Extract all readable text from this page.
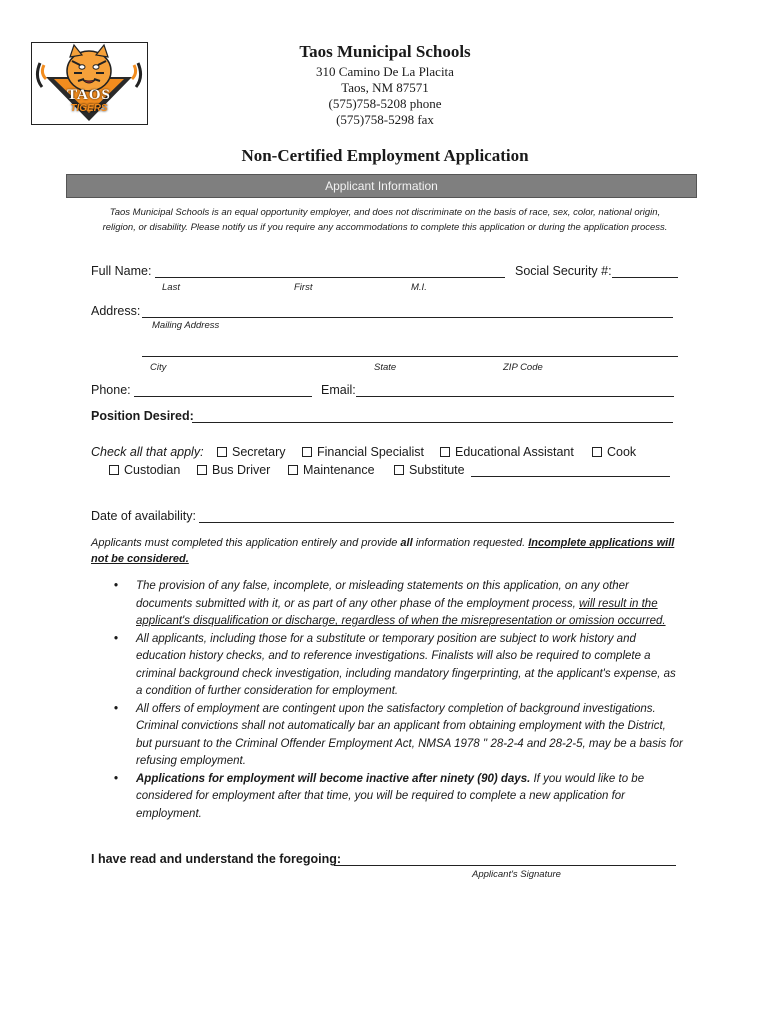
TAOS
TIGERS
Taos Municipal Schools
310 Camino De La Placita
Taos, NM 87571
(575)758-5208 phone
(575)758-5298 fax
Non-Certified Employment Application
Applicant Information
Taos Municipal Schools is an equal opportunity employer, and does not discriminate on the basis of race, sex, color, national origin, religion, or disability. Please notify us if you require any accommodations to complete this application or during the application process.
Full Name:	Social Security #:
Last	First	M.I.
Address:
Mailing Address
City	State	ZIP Code
Phone:	Email:
Position Desired:
Check all that apply:	Secretary	Financial Specialist	Educational Assistant	Cook
Custodian	Bus Driver	Maintenance	Substitute
Date of availability:
Applicants must completed this application entirely and provide all information requested. Incomplete applications will not be considered.
• The provision of any false, incomplete, or misleading statements on this application, on any other documents submitted with it, or as part of any other phase of the employment process, will result in the applicant's disqualification or discharge, regardless of when the misrepresentation or omission occurred.
• All applicants, including those for a substitute or temporary position are subject to work history and education history checks, and to reference investigations. Finalists will also be required to complete a criminal background check investigation, including mandatory fingerprinting, at the applicant's expense, as a condition of further consideration for employment.
• All offers of employment are contingent upon the satisfactory completion of background investigations. Criminal convictions shall not automatically bar an applicant from obtaining employment with the District, but pursuant to the Criminal Offender Employment Act, NMSA 1978 '' 28-2-4 and 28-2-5, may be a basis for refusing employment.
• Applications for employment will become inactive after ninety (90) days. If you would like to be considered for employment after that time, you will be required to complete a new application for employment.
I have read and understand the foregoing:
Applicant's Signature
